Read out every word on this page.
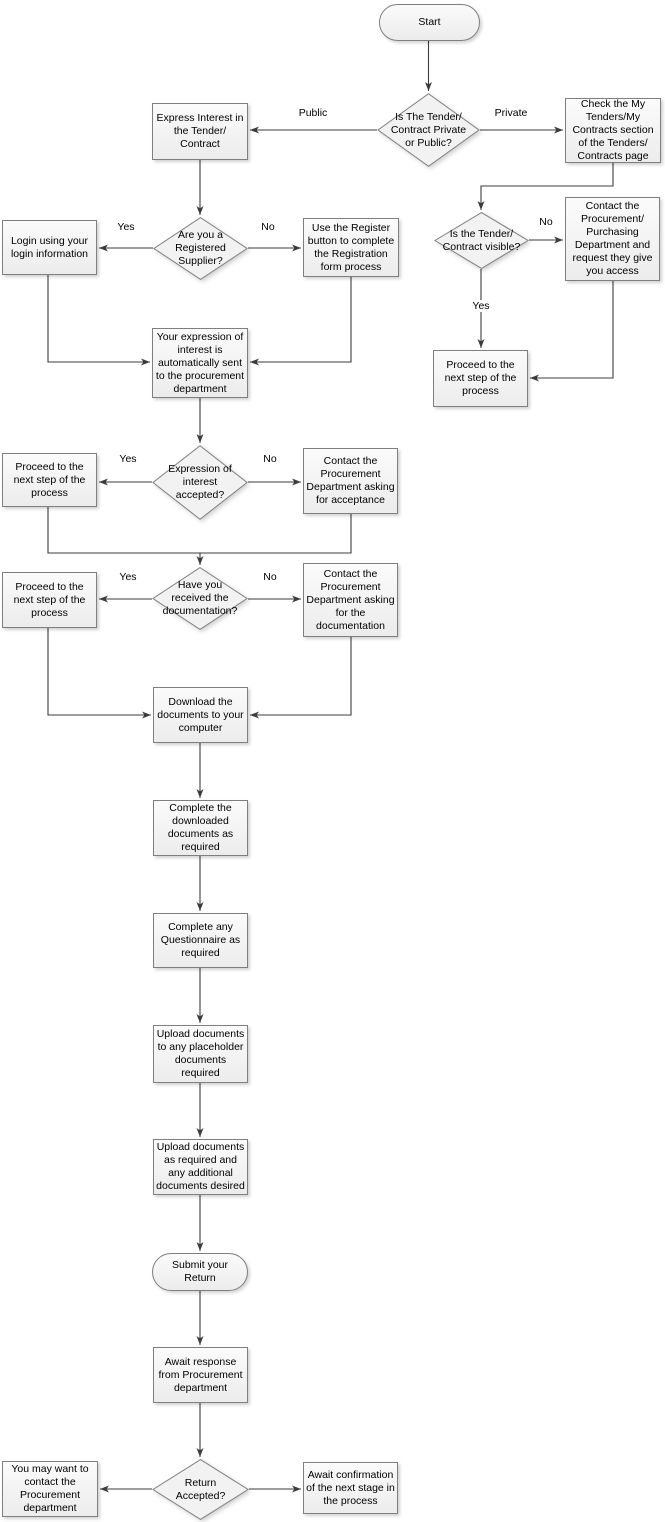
Start
Submit your Return
Is The Tender/ Contract Private or Public?
Are you a Registered Supplier?
Is the Tender/ Contract visible?
Expression of interest accepted?
Have you received the documentation?
Return Accepted?
Express Interest in the Tender/ Contract
Check the My Tenders/My Contracts section of the Tenders/ Contracts page
Login using your login information
Use the Register button to complete the Registration form process
Your expression of interest is automatically sent to the procurement department
Contact the Procurement/ Purchasing Department and request they give you access
Proceed to the next step of the process
Proceed to the next step of the process
Contact the Procurement Department asking for acceptance
Proceed to the next step of the process
Contact the Procurement Department asking for the documentation
Download the documents to your computer
Complete the downloaded documents as required
Complete any Questionnaire as required
Upload documents to any placeholder documents required
Upload documents as required and any additional documents desired
Await response from Procurement department
You may want to contact the Procurement department
Await confirmation of the next stage in the process
Public	Private
Yes	No	No
Yes
Yes	No
Yes	No
